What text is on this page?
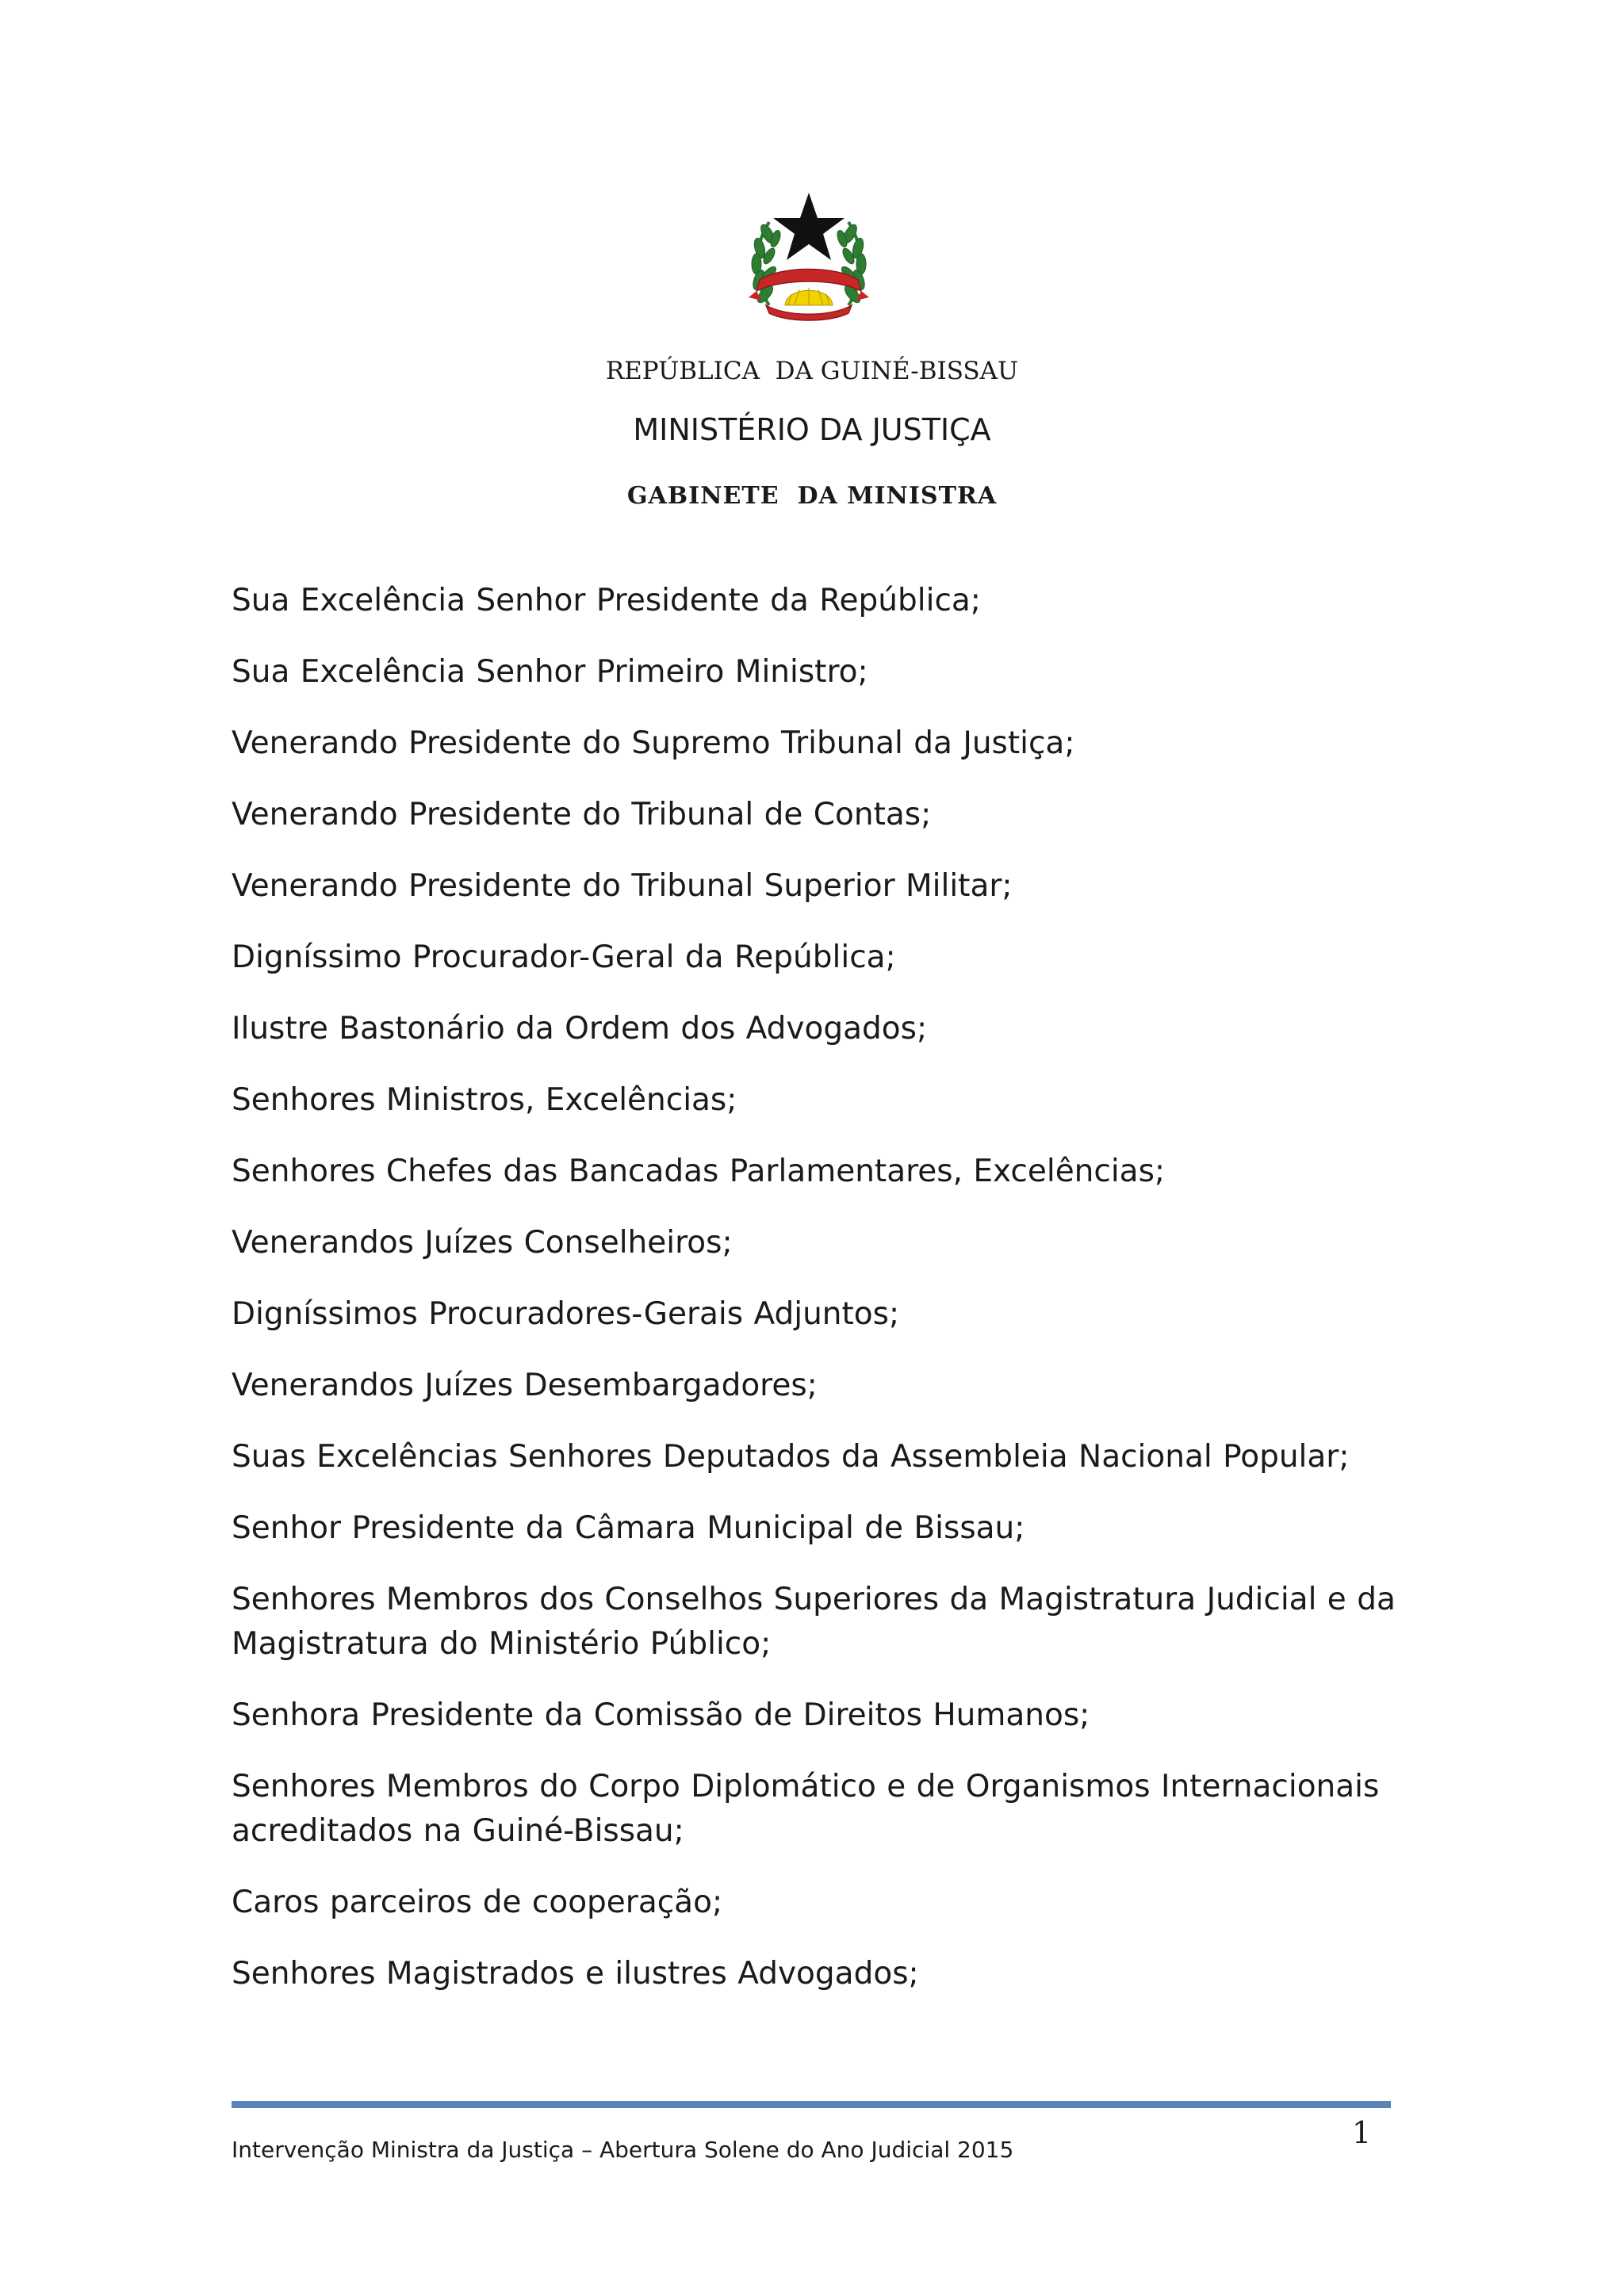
REPÚBLICA  DA GUINÉ-BISSAU
MINISTÉRIO DA JUSTIÇA
GABINETE  DA MINISTRA
Sua Excelência Senhor Presidente da República;
Sua Excelência Senhor Primeiro Ministro;
Venerando Presidente do Supremo Tribunal da Justiça;
Venerando Presidente do Tribunal de Contas;
Venerando Presidente do Tribunal Superior Militar;
Digníssimo Procurador-Geral da República;
Ilustre Bastonário da Ordem dos Advogados;
Senhores Ministros, Excelências;
Senhores Chefes das Bancadas Parlamentares, Excelências;
Venerandos Juízes Conselheiros;
Digníssimos Procuradores-Gerais Adjuntos;
Venerandos Juízes Desembargadores;
Suas Excelências Senhores Deputados da Assembleia Nacional Popular;
Senhor Presidente da Câmara Municipal de Bissau;
Senhores Membros dos Conselhos Superiores da Magistratura Judicial e da Magistratura do Ministério Público;
Senhora Presidente da Comissão de Direitos Humanos;
Senhores Membros do Corpo Diplomático e de Organismos Internacionais acreditados na Guiné-Bissau;
Caros parceiros de cooperação;
Senhores Magistrados e ilustres Advogados;
Intervenção Ministra da Justiça – Abertura Solene do Ano Judicial 2015	1
